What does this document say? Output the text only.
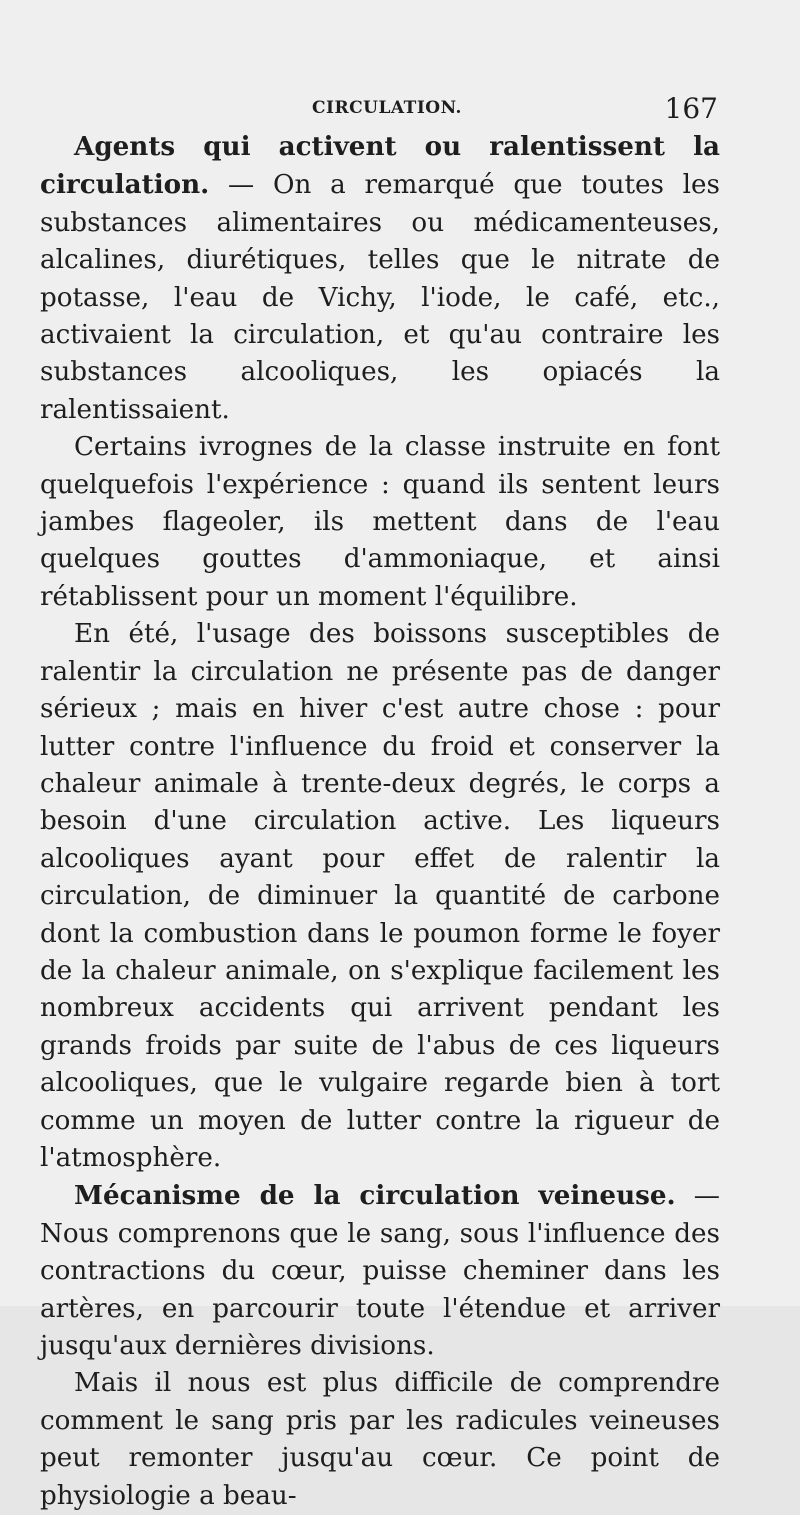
CIRCULATION.	167

Agents qui activent ou ralentissent la circulation. — On a remarqué que toutes les substances alimentaires ou médicamenteuses, alcalines, diurétiques, telles que le nitrate de potasse, l'eau de Vichy, l'iode, le café, etc., activaient la circulation, et qu'au contraire les substances alcooliques, les opiacés la ralentissaient.

Certains ivrognes de la classe instruite en font quelquefois l'expérience : quand ils sentent leurs jambes flageoler, ils mettent dans de l'eau quelques gouttes d'ammoniaque, et ainsi rétablissent pour un moment l'équilibre.

En été, l'usage des boissons susceptibles de ralentir la circulation ne présente pas de danger sérieux ; mais en hiver c'est autre chose : pour lutter contre l'influence du froid et conserver la chaleur animale à trente-deux degrés, le corps a besoin d'une circulation active. Les liqueurs alcooliques ayant pour effet de ralentir la circulation, de diminuer la quantité de carbone dont la combustion dans le poumon forme le foyer de la chaleur animale, on s'explique facilement les nombreux accidents qui arrivent pendant les grands froids par suite de l'abus de ces liqueurs alcooliques, que le vulgaire regarde bien à tort comme un moyen de lutter contre la rigueur de l'atmosphère.

Mécanisme de la circulation veineuse. — Nous comprenons que le sang, sous l'influence des contractions du cœur, puisse cheminer dans les artères, en parcourir toute l'étendue et arriver jusqu'aux dernières divisions.

Mais il nous est plus difficile de comprendre comment le sang pris par les radicules veineuses peut remonter jusqu'au cœur. Ce point de physiologie a beau-
